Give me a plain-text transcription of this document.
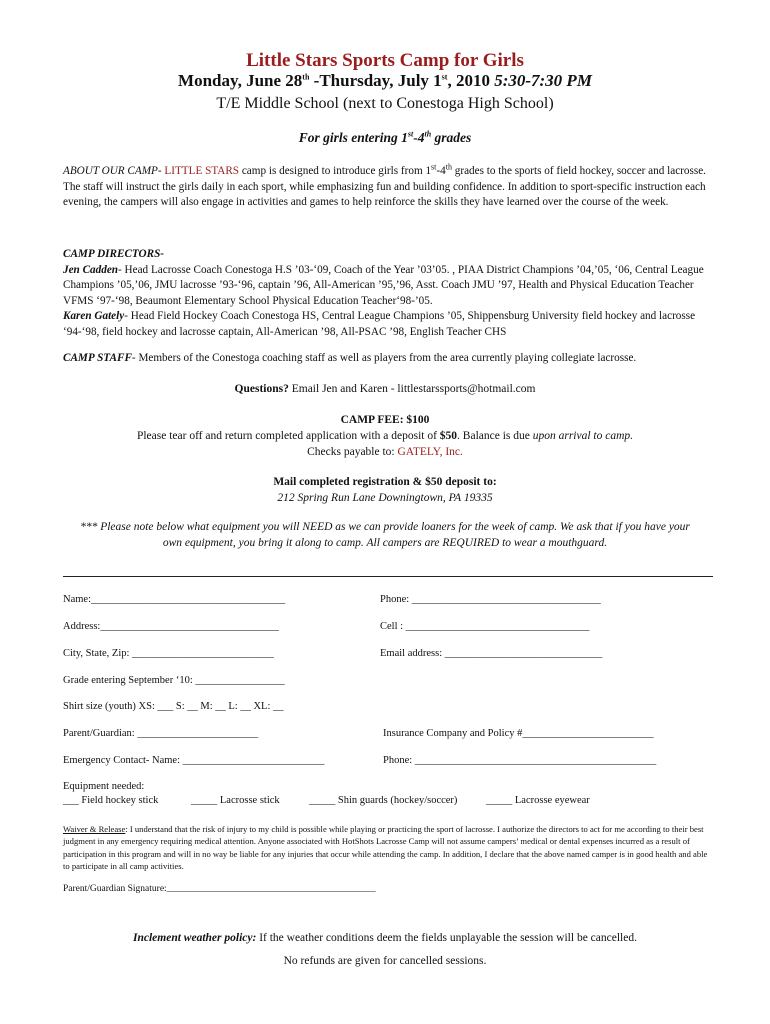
Little Stars Sports Camp for Girls
Monday, June 28th -Thursday, July 1st, 2010 5:30-7:30 PM
T/E Middle School (next to Conestoga High School)
For girls entering 1st-4th grades
ABOUT OUR CAMP- LITTLE STARS camp is designed to introduce girls from 1st-4th grades to the sports of field hockey, soccer and lacrosse. The staff will instruct the girls daily in each sport, while emphasizing fun and building confidence. In addition to sport-specific instruction each evening, the campers will also engage in activities and games to help reinforce the skills they have learned over the course of the week.
CAMP DIRECTORS-
Jen Cadden- Head Lacrosse Coach Conestoga H.S ’03-‘09, Coach of the Year ’03’05. , PIAA District Champions ’04,’05, ‘06, Central League Champions ’05,’06, JMU lacrosse ’93-‘96, captain ’96, All-American ’95,’96, Asst. Coach JMU ’97, Health and Physical Education Teacher VFMS ‘97-‘98, Beaumont Elementary School Physical Education Teacher‘98-’05.
Karen Gately- Head Field Hockey Coach Conestoga HS, Central League Champions ’05, Shippensburg University field hockey and lacrosse ‘94-‘98, field hockey and lacrosse captain, All-American ’98, All-PSAC ’98, English Teacher CHS
CAMP STAFF- Members of the Conestoga coaching staff as well as players from the area currently playing collegiate lacrosse.
Questions? Email Jen and Karen - littlestarssports@hotmail.com
CAMP FEE: $100
Please tear off and return completed application with a deposit of $50. Balance is due upon arrival to camp.
Checks payable to: GATELY, Inc.
Mail completed registration & $50 deposit to:
212 Spring Run Lane Downingtown, PA 19335
*** Please note below what equipment you will NEED as we can provide loaners for the week of camp. We ask that if you have your own equipment, you bring it along to camp. All campers are REQUIRED to wear a mouthguard.
Name:_____________________________________	Phone: ____________________________________
Address:__________________________________	Cell : ___________________________________
City, State, Zip: ___________________________	Email address: ______________________________
Grade entering September ‘10: _________________
Shirt size (youth) XS: ___ S: __ M: __ L: __ XL: __
Parent/Guardian: _______________________	Insurance Company and Policy #_________________________
Emergency Contact- Name: ___________________________	Phone: ______________________________________________
Equipment needed:
___ Field hockey stick	_____ Lacrosse stick	_____ Shin guards (hockey/soccer)	_____ Lacrosse eyewear
Waiver & Release: I understand that the risk of injury to my child is possible while playing or practicing the sport of lacrosse. I authorize the directors to act for me according to their best judgment in any emergency requiring medical attention. Anyone associated with HotShots Lacrosse Camp will not assume campers’ medical or dental expenses incurred as a result of participation in this program and will in no way be liable for any injuries that occur while attending the camp. In addition, I declare that the above named camper is in good health and able to participate in all camp activities.
Parent/Guardian Signature:____________________________________________
Inclement weather policy: If the weather conditions deem the fields unplayable the session will be cancelled.
No refunds are given for cancelled sessions.
